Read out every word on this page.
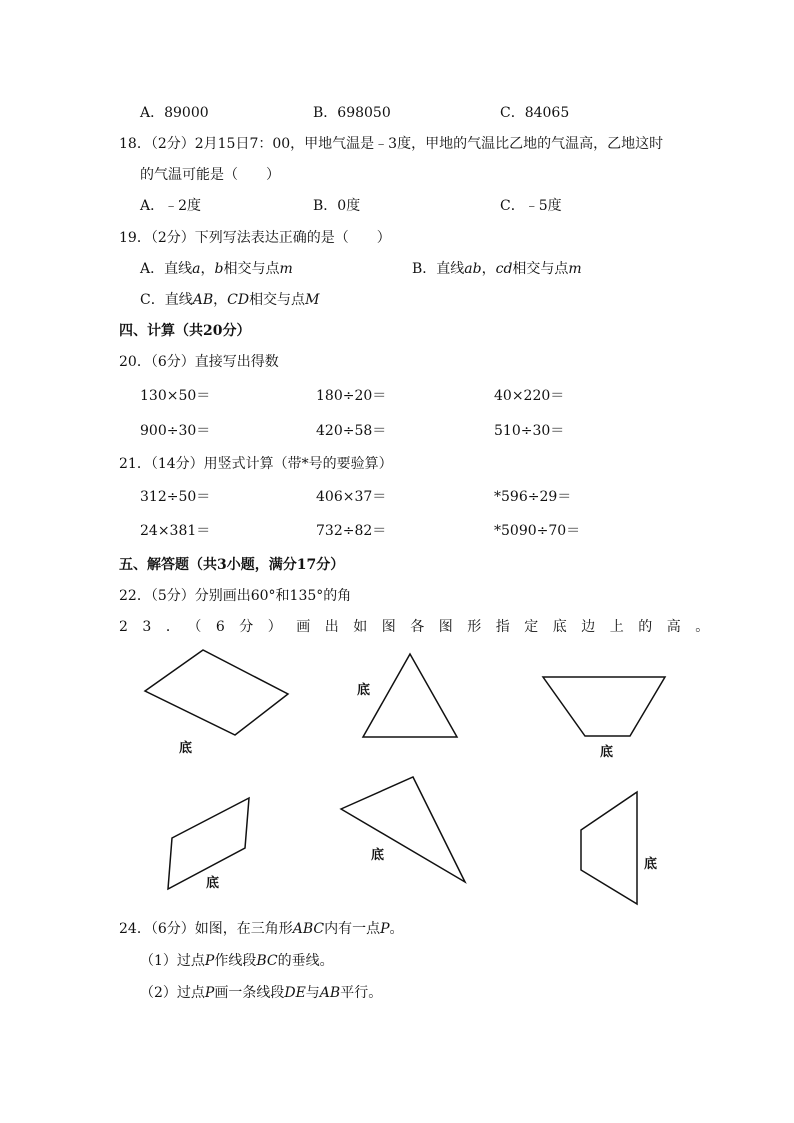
A．89000	B．698050	C．84065
18．（2分）2月15日7：00，甲地气温是﹣3度，甲地的气温比乙地的气温高，乙地这时
的气温可能是（　　）
A．﹣2度	B．0度	C．﹣5度
19．（2分）下列写法表达正确的是（　　）
A．直线a，b相交与点m	B．直线ab，cd相交与点m
C．直线AB，CD相交与点M
四、计算（共20分）
20．（6分）直接写出得数
130×50＝	180÷20＝	40×220＝
900÷30＝	420÷58＝	510÷30＝
21．（14分）用竖式计算（带*号的要验算）
312÷50＝	406×37＝	*596÷29＝
24×381＝	732÷82＝	*5090÷70＝
五、解答题（共3小题，满分17分）
22．（5分）分别画出60°和135°的角
23．（6分）画出如图各图形指定底边上的高。
底
底
底
底
底
底
24．（6分）如图，在三角形ABC内有一点P。
（1）过点P作线段BC的垂线。
（2）过点P画一条线段DE与AB平行。
